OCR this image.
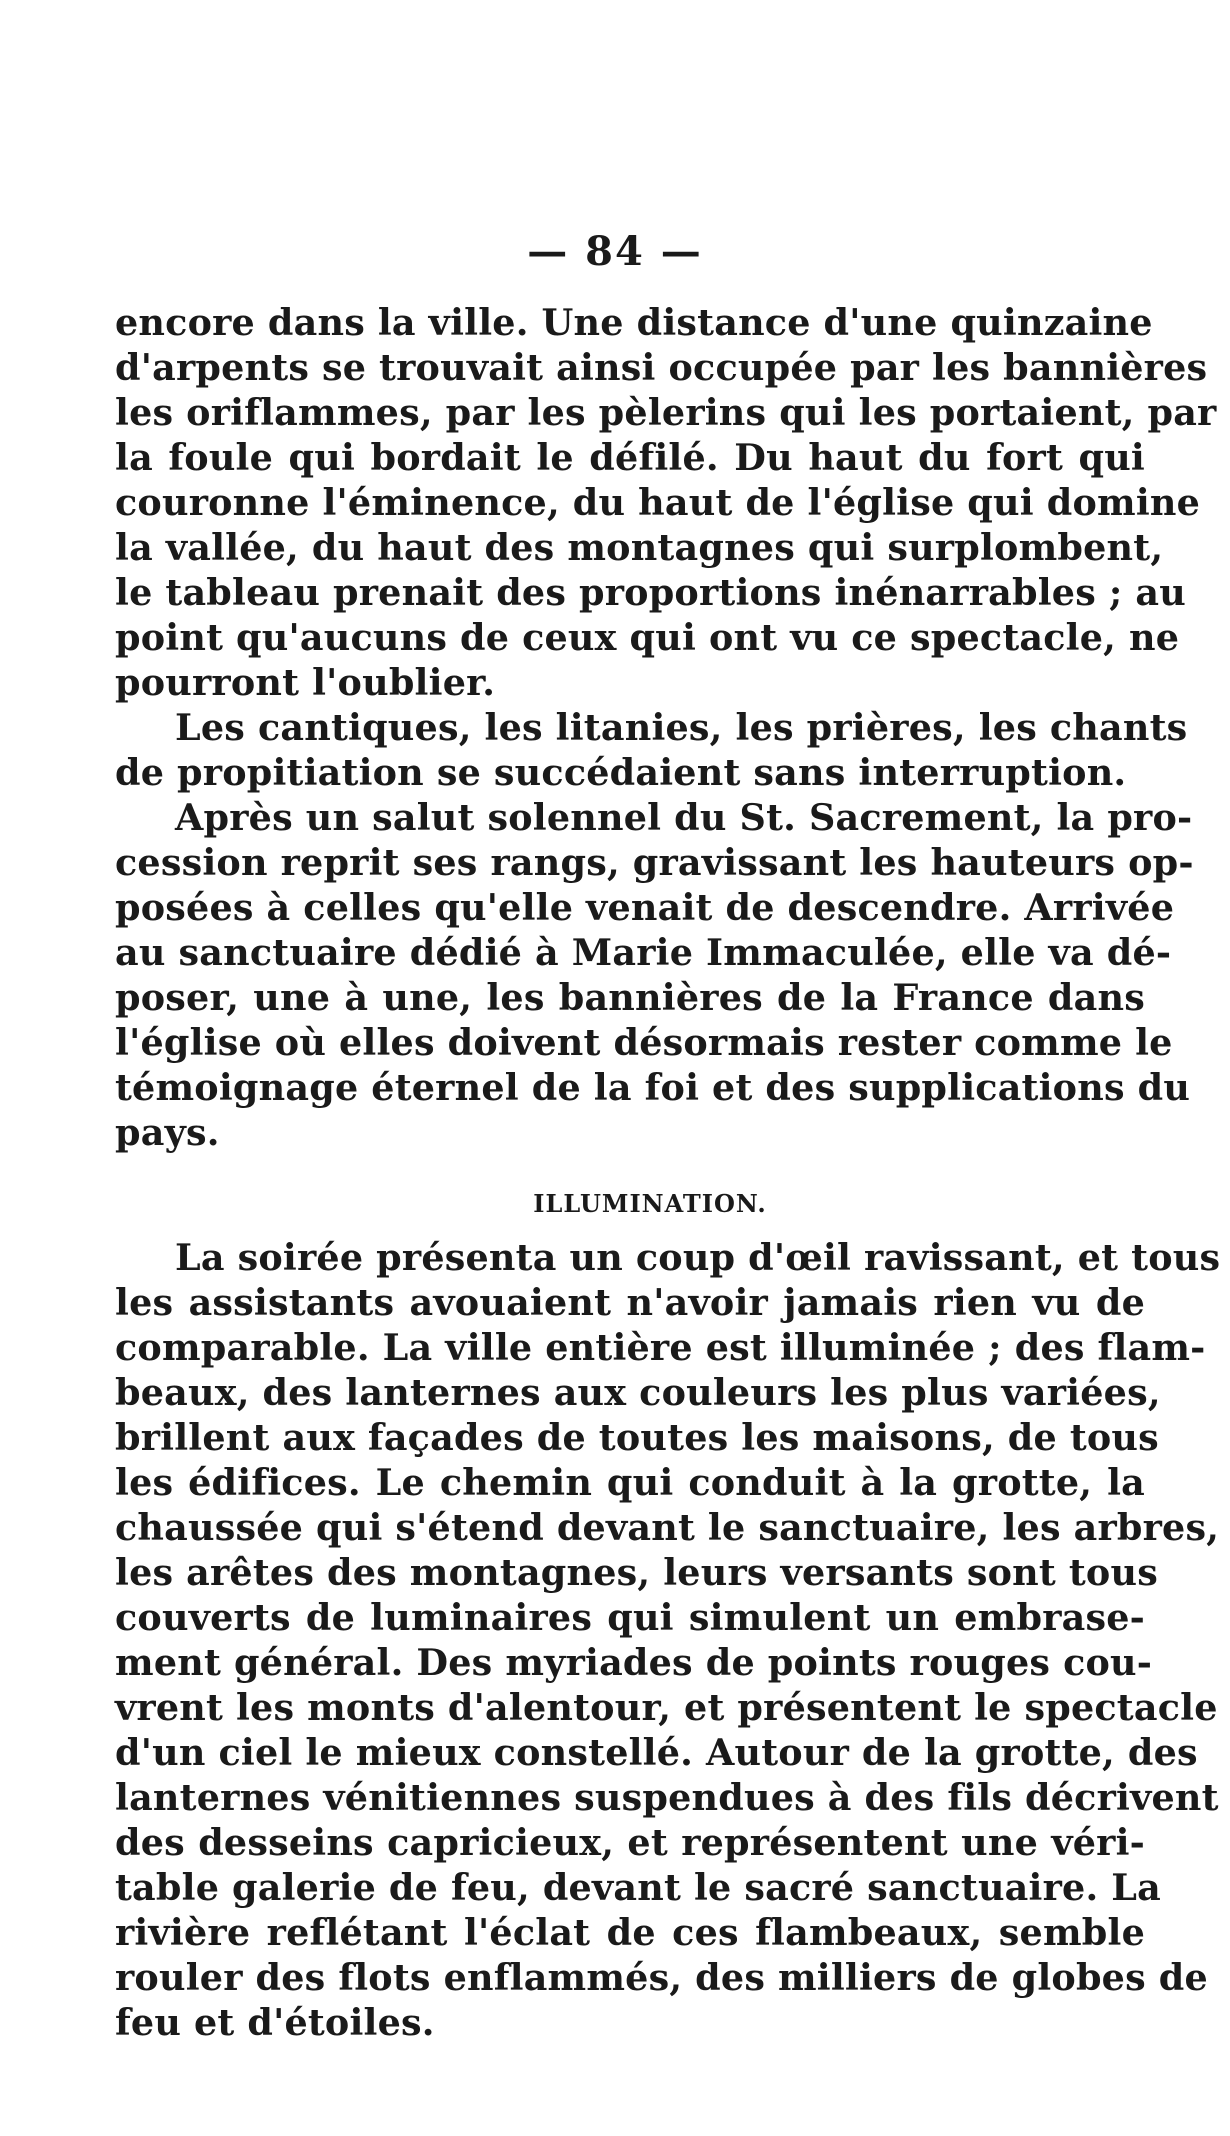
— 84 —
encore dans la ville. Une distance d'une quinzaine
d'arpents se trouvait ainsi occupée par les bannières
les oriflammes, par les pèlerins qui les portaient, par
la foule qui bordait le défilé. Du haut du fort qui
couronne l'éminence, du haut de l'église qui domine
la vallée, du haut des montagnes qui surplombent,
le tableau prenait des proportions inénarrables ; au
point qu'aucuns de ceux qui ont vu ce spectacle, ne
pourront l'oublier.
Les cantiques, les litanies, les prières, les chants
de propitiation se succédaient sans interruption.
Après un salut solennel du St. Sacrement, la pro-
cession reprit ses rangs, gravissant les hauteurs op-
posées à celles qu'elle venait de descendre. Arrivée
au sanctuaire dédié à Marie Immaculée, elle va dé-
poser, une à une, les bannières de la France dans
l'église où elles doivent désormais rester comme le
témoignage éternel de la foi et des supplications du
pays.
ILLUMINATION.
La soirée présenta un coup d'œil ravissant, et tous
les assistants avouaient n'avoir jamais rien vu de
comparable. La ville entière est illuminée ; des flam-
beaux, des lanternes aux couleurs les plus variées,
brillent aux façades de toutes les maisons, de tous
les édifices. Le chemin qui conduit à la grotte, la
chaussée qui s'étend devant le sanctuaire, les arbres,
les arêtes des montagnes, leurs versants sont tous
couverts de luminaires qui simulent un embrase-
ment général. Des myriades de points rouges cou-
vrent les monts d'alentour, et présentent le spectacle
d'un ciel le mieux constellé. Autour de la grotte, des
lanternes vénitiennes suspendues à des fils décrivent
des desseins capricieux, et représentent une véri-
table galerie de feu, devant le sacré sanctuaire. La
rivière reflétant l'éclat de ces flambeaux, semble
rouler des flots enflammés, des milliers de globes de
feu et d'étoiles.
